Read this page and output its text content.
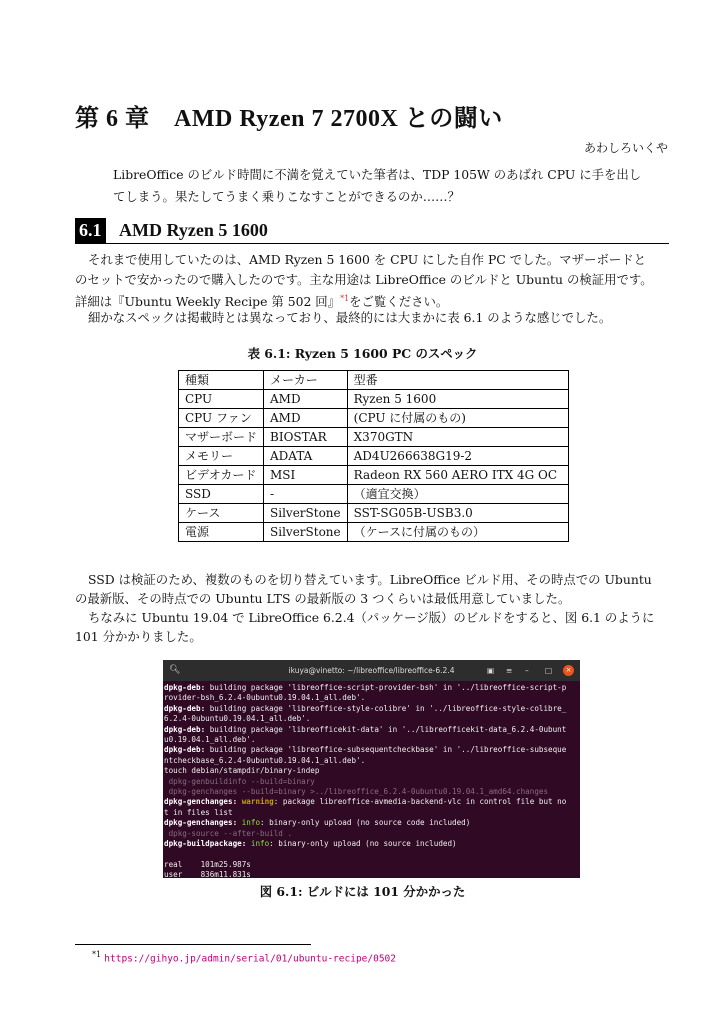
第 6 章　AMD Ryzen 7 2700X との闘い
あわしろいくや
LibreOffice のビルド時間に不満を覚えていた筆者は、TDP 105W のあばれ CPU に手を出し
てしまう。果たしてうまく乗りこなすことができるのか……？
6.1 AMD Ryzen 5 1600
それまで使用していたのは、AMD Ryzen 5 1600 を CPU にした自作 PC でした。マザーボードと
のセットで安かったので購入したのです。主な用途は LibreOffice のビルドと Ubuntu の検証用です。
詳細は『Ubuntu Weekly Recipe 第 502 回』$^{*1}$をご覧ください。
細かなスペックは掲載時とは異なっており、最終的には大まかに表 6.1 のような感じでした。
表 6.1: Ryzen 5 1600 PC のスペック
種類	メーカー	型番
CPU	AMD	Ryzen 5 1600
CPU ファン	AMD	(CPU に付属のもの)
マザーボード	BIOSTAR	X370GTN
メモリー	ADATA	AD4U266638G19-2
ビデオカード	MSI	Radeon RX 560 AERO ITX 4G OC
SSD	-	（適宜交換）
ケース	SilverStone	SST-SG05B-USB3.0
電源	SilverStone	（ケースに付属のもの）
SSD は検証のため、複数のものを切り替えています。LibreOffice ビルド用、その時点での Ubuntu
の最新版、その時点での Ubuntu LTS の最新版の 3 つくらいは最低用意していました。
ちなみに Ubuntu 19.04 で LibreOffice 6.2.4（パッケージ版）のビルドをすると、図 6.1 のように
101 分かかりました。
🔍︎	ikuya@vinetto: ~/libreoffice/libreoffice-6.2.4	▣ ≡ – □	×
dpkg-deb: building package 'libreoffice-script-provider-bsh' in '../libreoffice-script-p
rovider-bsh_6.2.4-0ubuntu0.19.04.1_all.deb'.
dpkg-deb: building package 'libreoffice-style-colibre' in '../libreoffice-style-colibre_
6.2.4-0ubuntu0.19.04.1_all.deb'.
dpkg-deb: building package 'libreofficekit-data' in '../libreofficekit-data_6.2.4-0ubunt
u0.19.04.1_all.deb'.
dpkg-deb: building package 'libreoffice-subsequentcheckbase' in '../libreoffice-subseque
ntcheckbase_6.2.4-0ubuntu0.19.04.1_all.deb'.
touch debian/stampdir/binary-indep
dpkg-genbuildinfo --build=binary
dpkg-genchanges --build=binary >../libreoffice_6.2.4-0ubuntu0.19.04.1_amd64.changes
dpkg-genchanges: warning: package libreoffice-avmedia-backend-vlc in control file but no
t in files list
dpkg-genchanges: info: binary-only upload (no source code included)
dpkg-source --after-build .
dpkg-buildpackage: info: binary-only upload (no source included)

real	101m25.987s
user	836m11.831s
図 6.1: ビルドには 101 分かかった
$^{*1}$ https://gihyo.jp/admin/serial/01/ubuntu-recipe/0502
